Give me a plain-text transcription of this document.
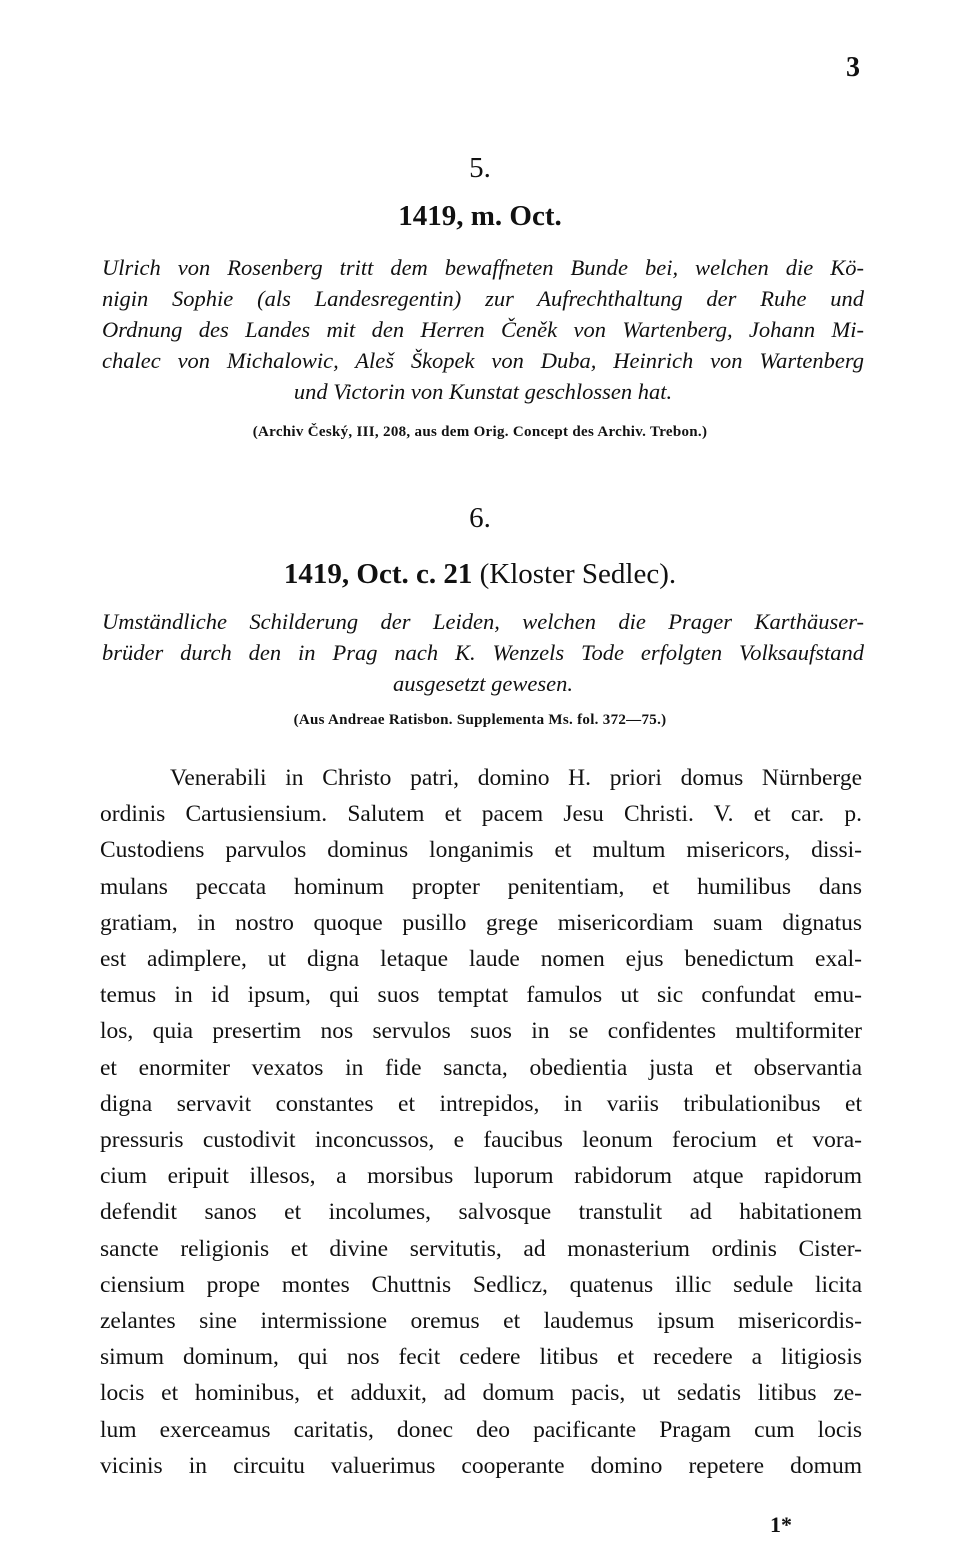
3
5.
1419, m. Oct.
Ulrich von Rosenberg tritt dem bewaffneten Bunde bei, welchen die Kö-
nigin Sophie (als Landesregentin) zur Aufrechthaltung der Ruhe und
Ordnung des Landes mit den Herren Čeněk von Wartenberg, Johann Mi-
chalec von Michalowic, Aleš Škopek von Duba, Heinrich von Wartenberg
und Victorin von Kunstat geschlossen hat.
(Archiv Český, III, 208, aus dem Orig. Concept des Archiv. Trebon.)
6.
1419, Oct. c. 21 (Kloster Sedlec).
Umständliche Schilderung der Leiden, welchen die Prager Karthäuser-
brüder durch den in Prag nach K. Wenzels Tode erfolgten Volksaufstand
ausgesetzt gewesen.
(Aus Andreae Ratisbon. Supplementa Ms. fol. 372—75.)
Venerabili in Christo patri, domino H. priori domus Nürnberge
ordinis Cartusiensium. Salutem et pacem Jesu Christi. V. et car. p.
Custodiens parvulos dominus longanimis et multum misericors, dissi-
mulans peccata hominum propter penitentiam, et humilibus dans
gratiam, in nostro quoque pusillo grege misericordiam suam dignatus
est adimplere, ut digna letaque laude nomen ejus benedictum exal-
temus in id ipsum, qui suos temptat famulos ut sic confundat emu-
los, quia presertim nos servulos suos in se confidentes multiformiter
et enormiter vexatos in fide sancta, obedientia justa et observantia
digna servavit constantes et intrepidos, in variis tribulationibus et
pressuris custodivit inconcussos, e faucibus leonum ferocium et vora-
cium eripuit illesos, a morsibus luporum rabidorum atque rapidorum
defendit sanos et incolumes, salvosque transtulit ad habitationem
sancte religionis et divine servitutis, ad monasterium ordinis Cister-
ciensium prope montes Chuttnis Sedlicz, quatenus illic sedule licita
zelantes sine intermissione oremus et laudemus ipsum misericordis-
simum dominum, qui nos fecit cedere litibus et recedere a litigiosis
locis et hominibus, et adduxit, ad domum pacis, ut sedatis litibus ze-
lum exerceamus caritatis, donec deo pacificante Pragam cum locis
vicinis in circuitu valuerimus cooperante domino repetere domum
1*
